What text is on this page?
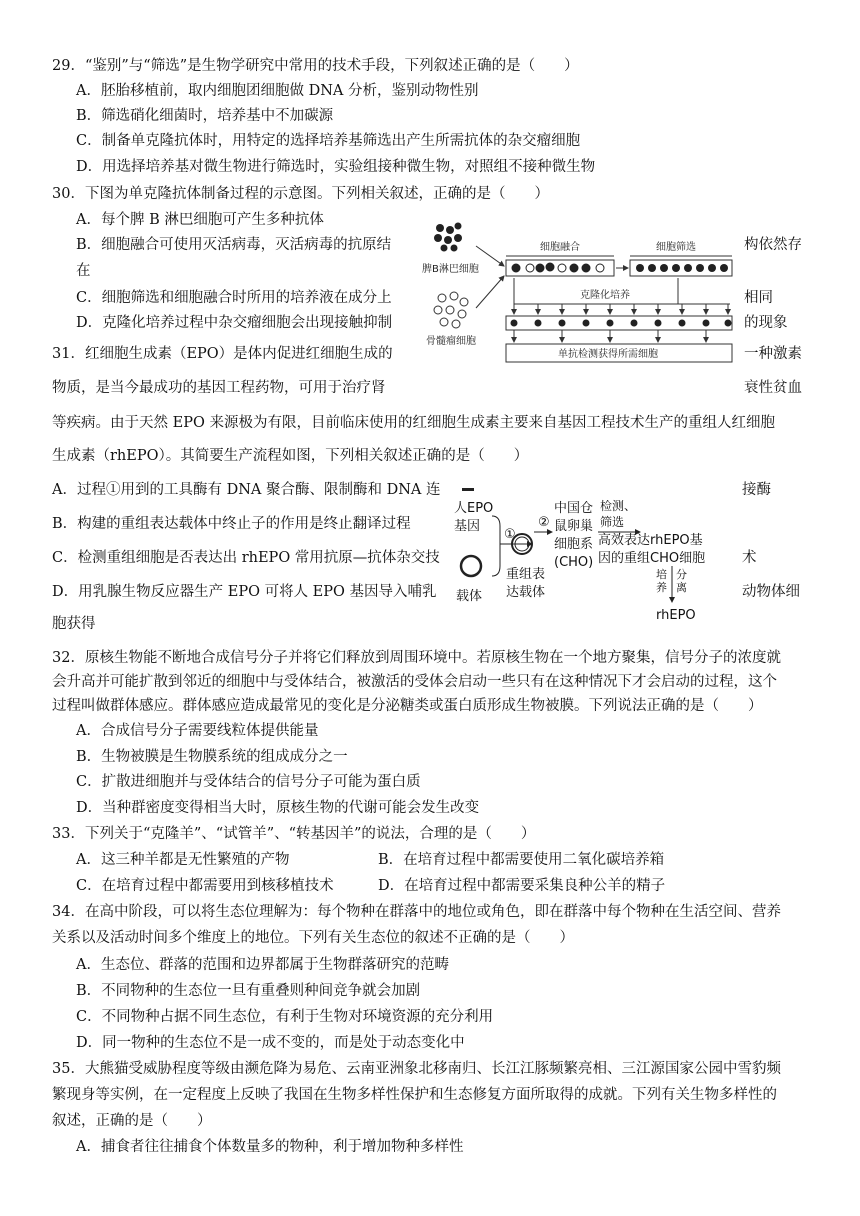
29．“鉴别”与“筛选”是生物学研究中常用的技术手段，下列叙述正确的是（　　）
A．胚胎移植前，取内细胞团细胞做 DNA 分析，鉴别动物性别
B．筛选硝化细菌时，培养基中不加碳源
C．制备单克隆抗体时，用特定的选择培养基筛选出产生所需抗体的杂交瘤细胞
D．用选择培养基对微生物进行筛选时，实验组接种微生物，对照组不接种微生物
30．下图为单克隆抗体制备过程的示意图。下列相关叙述，正确的是（　　）
A．每个脾 B 淋巴细胞可产生多种抗体
B．细胞融合可使用灭活病毒，灭活病毒的抗原结	构依然存
在
C．细胞筛选和细胞融合时所用的培养液在成分上	相同
D．克隆化培养过程中杂交瘤细胞会出现接触抑制	的现象
脾B淋巴细胞
骨髓瘤细胞
细胞融合	细胞筛选
克隆化培养
单抗检测获得所需细胞
31．红细胞生成素（EPO）是体内促进红细胞生成的	一种激素
物质，是当今最成功的基因工程药物，可用于治疗肾	衰性贫血
等疾病。由于天然 EPO 来源极为有限，目前临床使用的红细胞生成素主要来自基因工程技术生产的重组人红细胞
生成素（rhEPO）。其简要生产流程如图，下列相关叙述正确的是（　　）
A．过程①用到的工具酶有 DNA 聚合酶、限制酶和 DNA 连	接酶
B．构建的重组表达载体中终止子的作用是终止翻译过程
C．检测重组细胞是否表达出 rhEPO 常用抗原—抗体杂交技	术
D．用乳腺生物反应器生产 EPO 可将人 EPO 基因导入哺乳	动物体细
胞获得
人EPO
基因
载体
①
重组表
达载体
②
中国仓
鼠卵巢
细胞系
(CHO)
检测、
筛选
高效表达rhEPO基
因的重组CHO细胞
培养
分离
rhEPO
32．原核生物能不断地合成信号分子并将它们释放到周围环境中。若原核生物在一个地方聚集，信号分子的浓度就
会升高并可能扩散到邻近的细胞中与受体结合，被激活的受体会启动一些只有在这种情况下才会启动的过程，这个
过程叫做群体感应。群体感应造成最常见的变化是分泌糖类或蛋白质形成生物被膜。下列说法正确的是（　　）
A．合成信号分子需要线粒体提供能量
B．生物被膜是生物膜系统的组成成分之一
C．扩散进细胞并与受体结合的信号分子可能为蛋白质
D．当种群密度变得相当大时，原核生物的代谢可能会发生改变
33．下列关于“克隆羊”、“试管羊”、“转基因羊”的说法，合理的是（　　）
A．这三种羊都是无性繁殖的产物	B．在培育过程中都需要使用二氧化碳培养箱
C．在培育过程中都需要用到核移植技术	D．在培育过程中都需要采集良种公羊的精子
34．在高中阶段，可以将生态位理解为：每个物种在群落中的地位或角色，即在群落中每个物种在生活空间、营养
关系以及活动时间多个维度上的地位。下列有关生态位的叙述不正确的是（　　）
A．生态位、群落的范围和边界都属于生物群落研究的范畴
B．不同物种的生态位一旦有重叠则种间竞争就会加剧
C．不同物种占据不同生态位，有利于生物对环境资源的充分利用
D．同一物种的生态位不是一成不变的，而是处于动态变化中
35．大熊猫受威胁程度等级由濒危降为易危、云南亚洲象北移南归、长江江豚频繁亮相、三江源国家公园中雪豹频
繁现身等实例，在一定程度上反映了我国在生物多样性保护和生态修复方面所取得的成就。下列有关生物多样性的
叙述，正确的是（　　）
A．捕食者往往捕食个体数量多的物种，利于增加物种多样性
